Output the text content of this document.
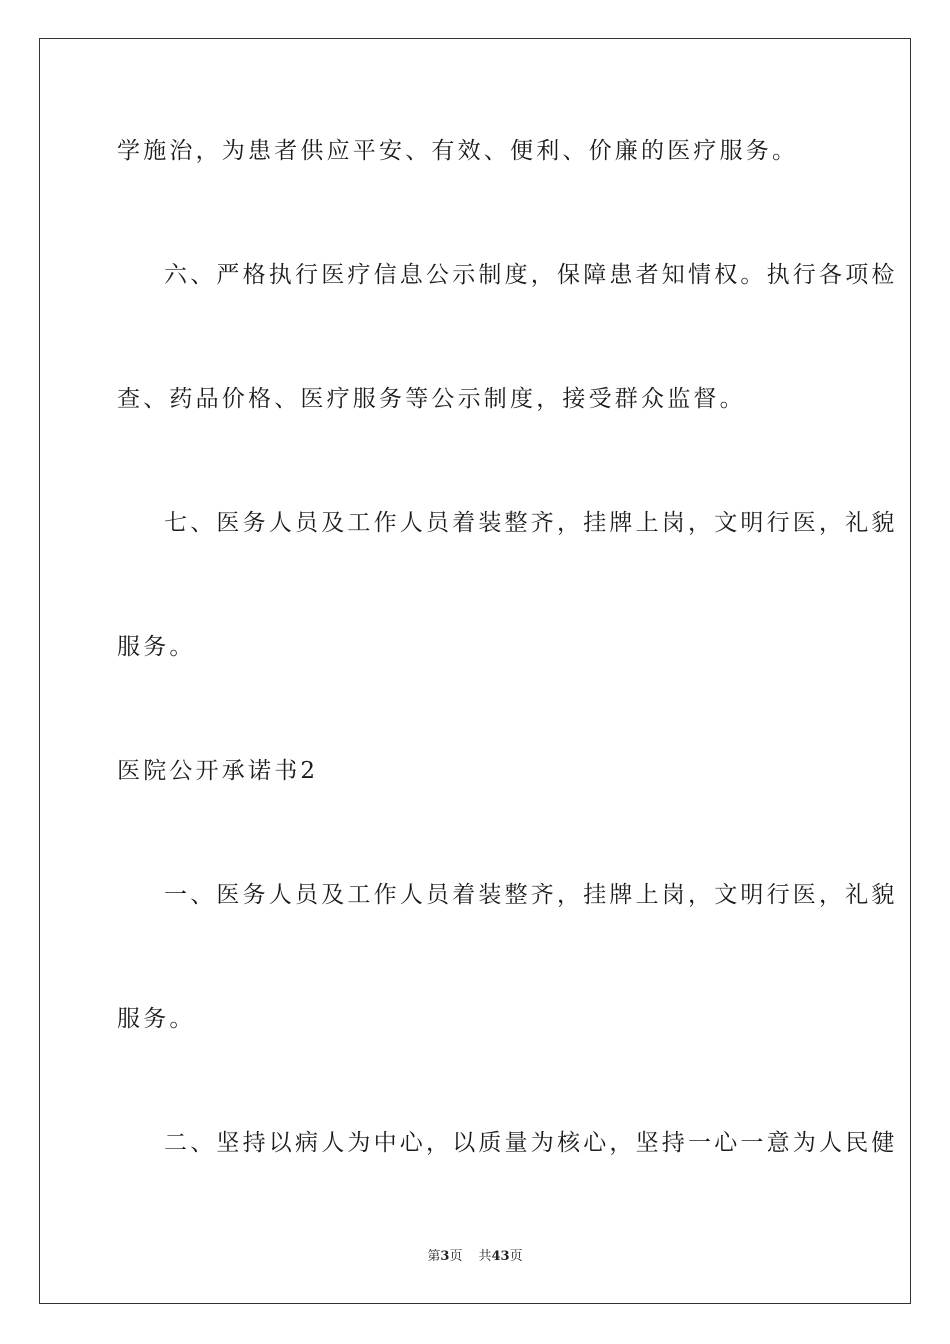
学施治，为患者供应平安、有效、便利、价廉的医疗服务。
六、严格执行医疗信息公示制度，保障患者知情权。执行各项检
查、药品价格、医疗服务等公示制度，接受群众监督。
七、医务人员及工作人员着装整齐，挂牌上岗，文明行医，礼貌
服务。
医院公开承诺书2
一、医务人员及工作人员着装整齐，挂牌上岗，文明行医，礼貌
服务。
二、坚持以病人为中心，以质量为核心，坚持一心一意为人民健
第3页 共43页
